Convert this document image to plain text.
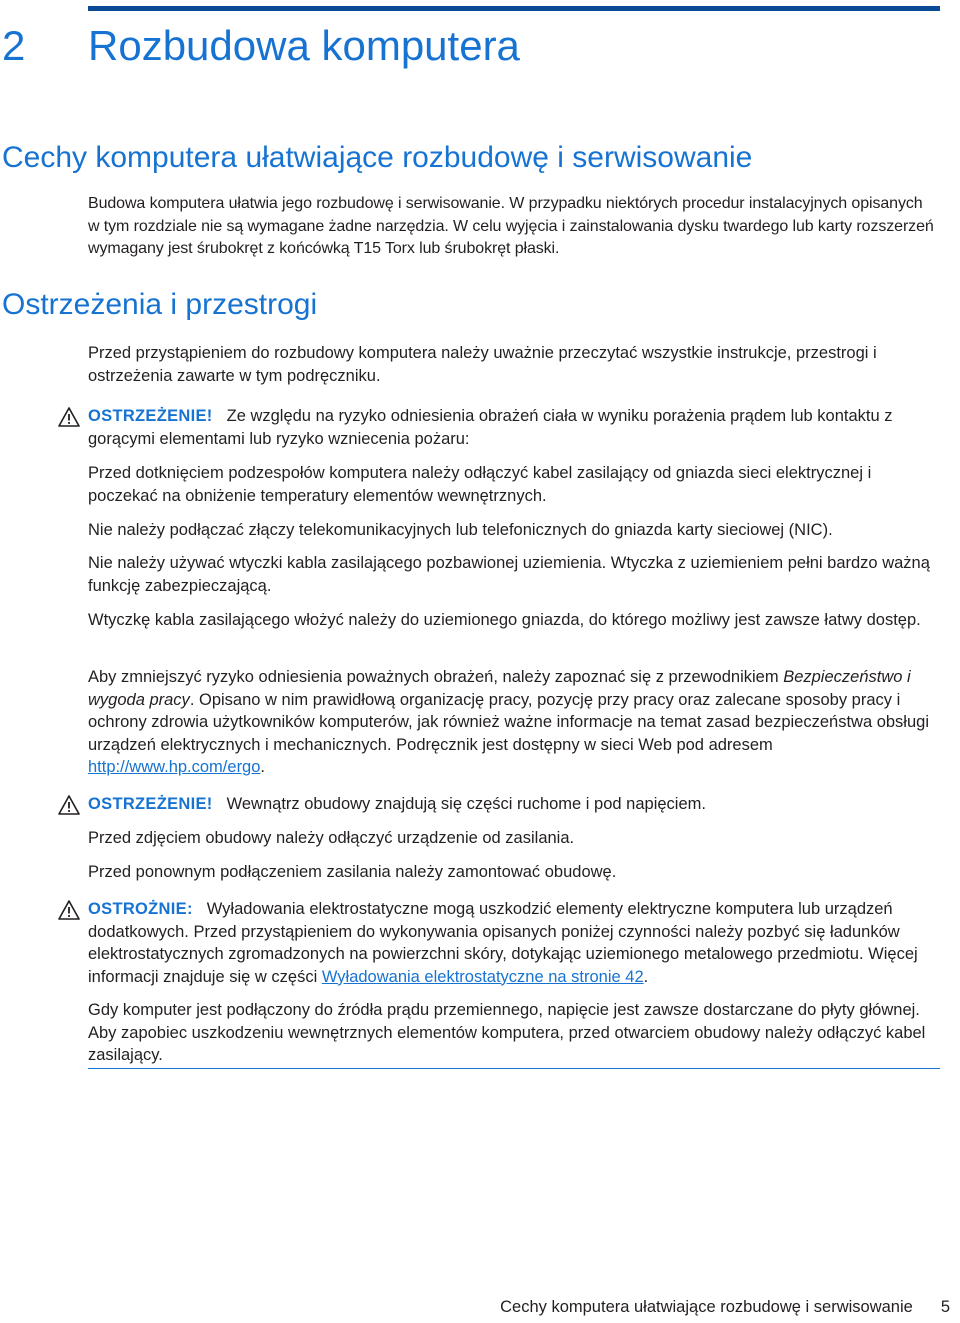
2 Rozbudowa komputera
Cechy komputera ułatwiające rozbudowę i serwisowanie

Budowa komputera ułatwia jego rozbudowę i serwisowanie. W przypadku niektórych procedur instalacyjnych opisanych w tym rozdziale nie są wymagane żadne narzędzia. W celu wyjęcia i zainstalowania dysku twardego lub karty rozszerzeń wymagany jest śrubokręt z końcówką T15 Torx lub śrubokręt płaski.

Ostrzeżenia i przestrogi

Przed przystąpieniem do rozbudowy komputera należy uważnie przeczytać wszystkie instrukcje, przestrogi i ostrzeżenia zawarte w tym podręczniku.

OSTRZEŻENIE! Ze względu na ryzyko odniesienia obrażeń ciała w wyniku porażenia prądem lub kontaktu z gorącymi elementami lub ryzyko wzniecenia pożaru:

Przed dotknięciem podzespołów komputera należy odłączyć kabel zasilający od gniazda sieci elektrycznej i poczekać na obniżenie temperatury elementów wewnętrznych.

Nie należy podłączać złączy telekomunikacyjnych lub telefonicznych do gniazda karty sieciowej (NIC).

Nie należy używać wtyczki kabla zasilającego pozbawionej uziemienia. Wtyczka z uziemieniem pełni bardzo ważną funkcję zabezpieczającą.

Wtyczkę kabla zasilającego włożyć należy do uziemionego gniazda, do którego możliwy jest zawsze łatwy dostęp.

Aby zmniejszyć ryzyko odniesienia poważnych obrażeń, należy zapoznać się z przewodnikiem Bezpieczeństwo i wygoda pracy. Opisano w nim prawidłową organizację pracy, pozycję przy pracy oraz zalecane sposoby pracy i ochrony zdrowia użytkowników komputerów, jak również ważne informacje na temat zasad bezpieczeństwa obsługi urządzeń elektrycznych i mechanicznych. Podręcznik jest dostępny w sieci Web pod adresem http://www.hp.com/ergo.

OSTRZEŻENIE! Wewnątrz obudowy znajdują się części ruchome i pod napięciem.

Przed zdjęciem obudowy należy odłączyć urządzenie od zasilania.

Przed ponownym podłączeniem zasilania należy zamontować obudowę.

OSTROŻNIE: Wyładowania elektrostatyczne mogą uszkodzić elementy elektryczne komputera lub urządzeń dodatkowych. Przed przystąpieniem do wykonywania opisanych poniżej czynności należy pozbyć się ładunków elektrostatycznych zgromadzonych na powierzchni skóry, dotykając uziemionego metalowego przedmiotu. Więcej informacji znajduje się w części Wyładowania elektrostatyczne na stronie 42.

Gdy komputer jest podłączony do źródła prądu przemiennego, napięcie jest zawsze dostarczane do płyty głównej. Aby zapobiec uszkodzeniu wewnętrznych elementów komputera, przed otwarciem obudowy należy odłączyć kabel zasilający.

Cechy komputera ułatwiające rozbudowę i serwisowanie 5
